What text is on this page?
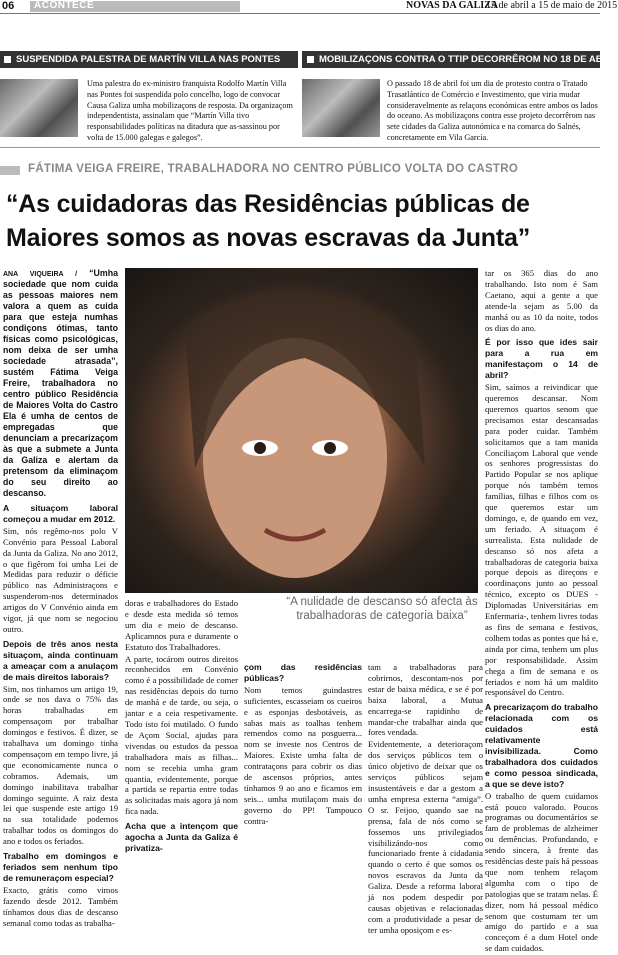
06 ACONTECE	NOVAS DA GALIZA
15 de abril a 15 de maio de 2015
SUSPENDIDA PALESTRA DE MARTÍN VILLA NAS PONTES
Uma palestra do ex-ministro franquista Rodolfo Martín Villa nas Pontes foi suspendida polo concelho, logo de convocar Causa Galiza umha mobilizaçons de resposta. Da organizaçom independentista, assinalam que “Martín Villa tivo responsabilidades políticas na ditadura que as-sassínou por volta de 15.000 galegas e galegos”.
MOBILIZAÇONS CONTRA O TTIP DECORRÊROM NO 18 DE ABRIL
O passado 18 de abril foi um dia de protesto contra o Tratado Trasatlántico de Comércio e Investimento, que viria mudar consideravelmente as relaçons económicas entre ambos os lados do oceano. As mobilizaçons contra esse projeto decorrêrom nas sete cidades da Galiza autonómica e na comarca do Salnés, concretamente em Vila García.
FÁTIMA VEIGA FREIRE, TRABALHADORA NO CENTRO PÚBLICO VOLTA DO CASTRO
“As cuidadoras das Residências públicas de Maiores somos as novas escravas da Junta”

ANA VIQUEIRA / “Umha sociedade que nom cuida as pessoas maiores nem valora a quem as cuida para que esteja numhas condiçons ótimas, tanto físicas como psicológicas, nom deixa de ser umha sociedade atrasada”, sustém Fátima Veiga Freire, trabalhadora no centro público Residência de Maiores Volta do Castro Ela é umha de centos de empregadas que denunciam a precarizaçom às que a submete a Junta da Galiza e alertam da pretensom da eliminaçom do seu direito ao descanso.

A situaçom laboral começou a mudar em 2012.

Sim, nós regêmo-nos polo V Convénio para Pessoal Laboral da Junta da Galiza. No ano 2012, o que figêrom foi umha Lei de Medidas para reduzir o déficie público nas Administraçons e suspenderom-nos determinados artigos do V Convénio ainda em vigor, já que nom se negociou outro.

Depois de três anos nesta situaçom, ainda continuam a ameaçar com a anulaçom de mais direitos laborais?

Sim, nos tinhamos um artigo 19, onde se nos dava o 75% das horas trabalhadas em compensaçom por trabalhar domingos e festivos. É dizer, se trabalhava um domingo tinha compensaçom em tempo livre, já que economicamente nunca o cobramos. Ademais, um domingo inabilitava trabalhar domingo seguinte. A raiz desta lei que suspende este artigo 19 na sua totalidade podemos trabalhar todos os domingos do ano e todos os feriados.

Trabalho em domingos e feriados sem nenhum tipo de remuneraçom especial?

Exacto, grátis como vimos fazendo desde 2012. Também tínhamos dous dias de descanso semanal como todas as trabalha-

doras e trabalhadores do Estado e desde esta medida só temos um dia e meio de descanso. Aplicamnos pura e duramente o Estatuto dos Trabalhadores.

A parte, tocárom outros direitos reconhecidos em Convénio como é a possibilidade de comer nas residências depois do turno de manhá e de tarde, ou seja, o jantar e a ceia respetivamente. Todo isto foi mutilado. O fundo de Açom Social, ajudas para vivendas ou estudos da pessoa trabalhadora mais as filhas... nom se recebia umha gram quantia, evidentemente, porque a partida se repartia entre todas as solicitadas mais agora já nom fica nada.

Acha que a intençom que agocha a Junta da Galiza é privatiza-
“A nulidade de descanso só afecta às trabalhadoras de categoria baixa”
çom das residências públicas?

Nom temos guindastres suficientes, escasseiam os cueiros e as esponjas desbotáveis, as sabas mais as toalhas tenhem remendos como na posguerra... nom se investe nos Centros de Maiores. Existe umha falta de contrataçons para cobrir os dias de ascensos próprios, antes tínhamos 9 ao ano e ficamos em seis... umha mutilaçom mais do governo do PP! Tampouco contra-

tam a trabalhadoras para cobrirnos, descontam-nos por estar de baixa médica, e se é por baixa laboral, a Mutua encarrega-se rapidinho de mandar-che trabalhar ainda que fores vendada.

Evidentemente, a deterioraçom dos serviços públicos tem o único objetivo de deixar que os serviços públicos sejam insustentáveis e dar a gestom a umha empresa externa “amiga”. O sr. Feijoo, quando sae na prensa, fala de nós como se fossemos uns privilegiados visibilizándo-nos como funcionariado frente à cidadania quando o certo é que somos os novos escravos da Junta da Galiza. Desde a reforma laboral já nos podem despedir por causas objetivas e relacionadas com a produtividade a pesar de ter umha oposiçom e es-

tar os 365 dias do ano trabalhando. Isto nom é Sam Caetano, aqui a gente a que atende-la sejam as 5.00 da manhá ou as 10 da noite, todos os dias do ano.

É por isso que ides sair para a rua em manifestaçom o 14 de abril?

Sim, saímos a reivindicar que queremos descansar. Nom queremos quartos senom que precisamos estar descansadas para poder cuidar. Também solicitamos que a tam manida Conciliaçom Laboral que vende os senhores progressistas do Partido Popular se nos aplique porque nós também temos famílias, filhas e filhos com os que queremos estar um domingo, e, de quando em vez, um feriado. A situaçom é surrealista. Esta nulidade de descanso só nos afeta a trabalhadoras de categoria baixa porque depois as direçons e coordinaçons junto ao pessoal técnico, excepto os DUES -Diplomadas Universitárias em Enfermaria-, tenhem livres todas as fins de semana e festivos, colhem todas as pontes que há e, ainda por cima, tenhem um plus por responsabilidade. Assim chega a fim de semana e os feriados e nom há um maldito responsável do Centro.

A precarizaçom do trabalho relacionada com os cuidados está relativamente invisibilizada. Como trabalhadora dos cuidados e como pessoa sindicada, a que se deve isto?

O trabalho de quem cuidamos está pouco valorado. Poucos programas ou documentários se fam de problemas de alzheimer ou demências. Profundando, e sendo sincera, à frente das residências deste país há pessoas que nom tenhem relaçom algumha com o tipo de patologias que se tratam nelas. É dizer, nom há pessoal médico senom que costumam ter um amigo do partido e a sua conceçom é a dum Hotel onde se dam cuidados.
